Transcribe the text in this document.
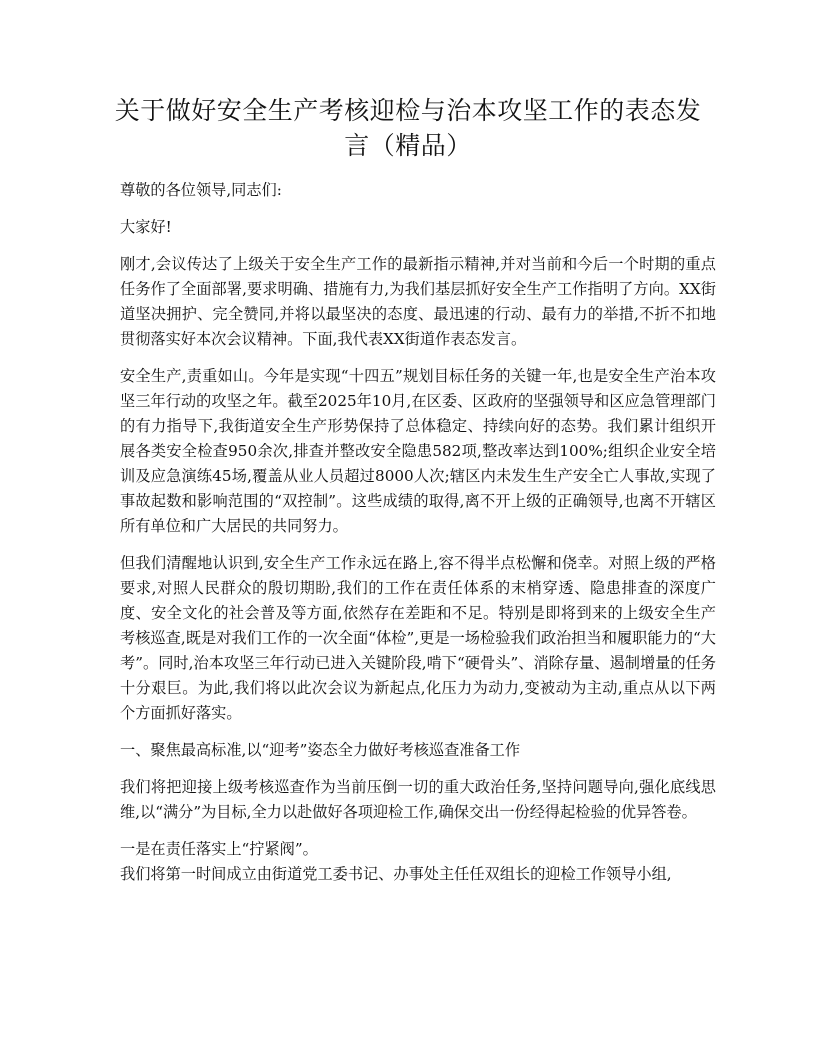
关于做好安全生产考核迎检与治本攻坚工作的表态发言（精品）

尊敬的各位领导,同志们:

大家好!

刚才,会议传达了上级关于安全生产工作的最新指示精神,并对当前和今后一个时期的重点任务作了全面部署,要求明确、措施有力,为我们基层抓好安全生产工作指明了方向。XX街道坚决拥护、完全赞同,并将以最坚决的态度、最迅速的行动、最有力的举措,不折不扣地贯彻落实好本次会议精神。下面,我代表XX街道作表态发言。

安全生产,责重如山。今年是实现“十四五”规划目标任务的关键一年,也是安全生产治本攻坚三年行动的攻坚之年。截至2025年10月,在区委、区政府的坚强领导和区应急管理部门的有力指导下,我街道安全生产形势保持了总体稳定、持续向好的态势。我们累计组织开展各类安全检查950余次,排查并整改安全隐患582项,整改率达到100%;组织企业安全培训及应急演练45场,覆盖从业人员超过8000人次;辖区内未发生生产安全亡人事故,实现了事故起数和影响范围的“双控制”。这些成绩的取得,离不开上级的正确领导,也离不开辖区所有单位和广大居民的共同努力。

但我们清醒地认识到,安全生产工作永远在路上,容不得半点松懈和侥幸。对照上级的严格要求,对照人民群众的殷切期盼,我们的工作在责任体系的末梢穿透、隐患排查的深度广度、安全文化的社会普及等方面,依然存在差距和不足。特别是即将到来的上级安全生产考核巡查,既是对我们工作的一次全面“体检”,更是一场检验我们政治担当和履职能力的“大考”。同时,治本攻坚三年行动已进入关键阶段,啃下“硬骨头”、消除存量、遏制增量的任务十分艰巨。为此,我们将以此次会议为新起点,化压力为动力,变被动为主动,重点从以下两个方面抓好落实。

一、聚焦最高标准,以“迎考”姿态全力做好考核巡查准备工作

我们将把迎接上级考核巡查作为当前压倒一切的重大政治任务,坚持问题导向,强化底线思维,以“满分”为目标,全力以赴做好各项迎检工作,确保交出一份经得起检验的优异答卷。

一是在责任落实上“拧紧阀”。

我们将第一时间成立由街道党工委书记、办事处主任任双组长的迎检工作领导小组,
